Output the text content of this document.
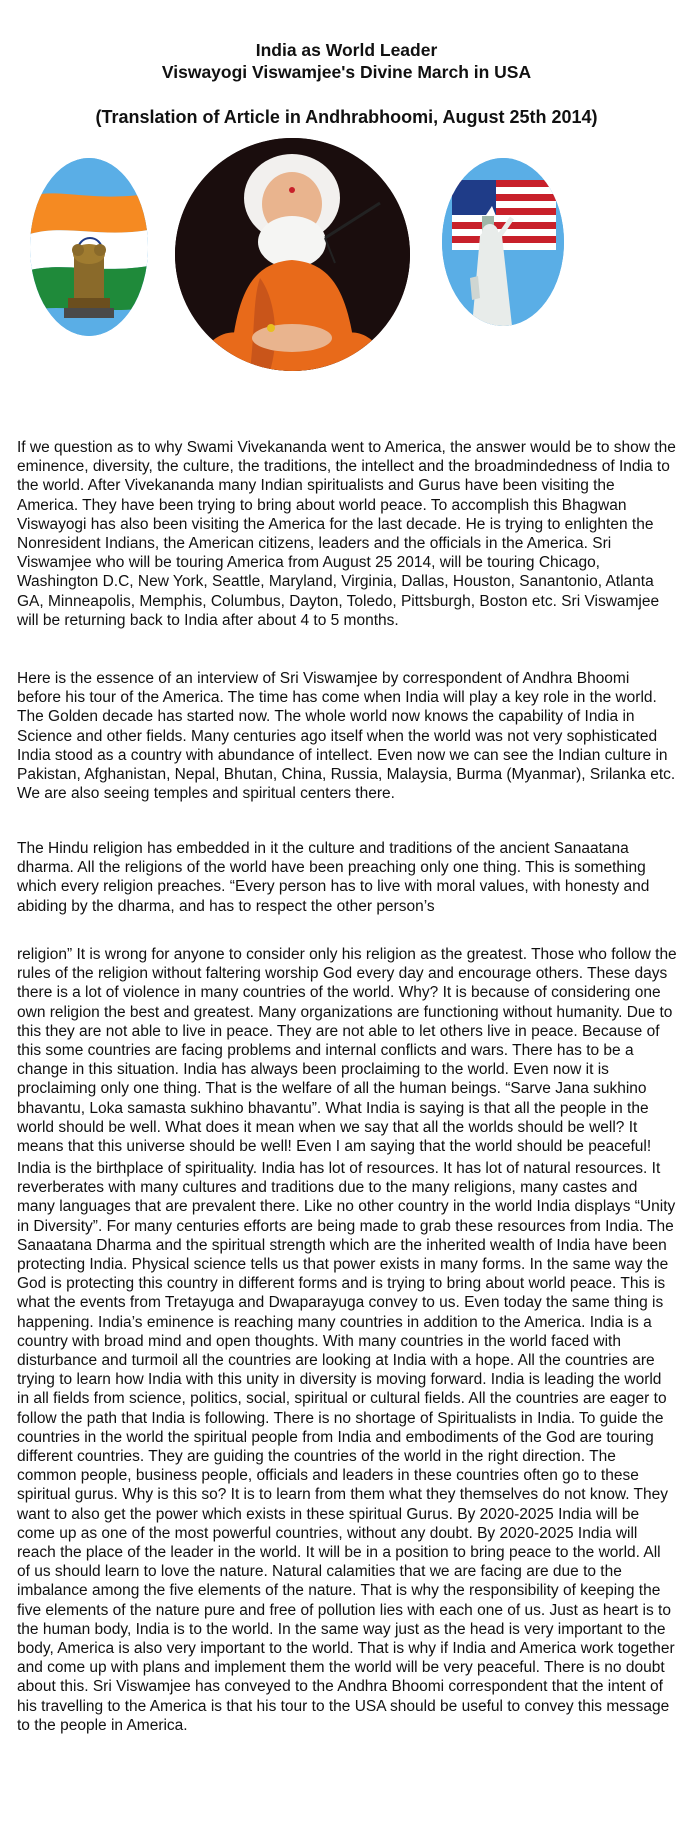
India as World Leader
Viswayogi Viswamjee's Divine March in USA
(Translation of Article in Andhrabhoomi, August 25th 2014)

If we question as to why Swami Vivekananda went to America, the answer would be to show the eminence, diversity, the culture, the traditions, the intellect and the broadmindedness of India to the world. After Vivekananda many Indian spiritualists and Gurus have been visiting the America. They have been trying to bring about world peace. To accomplish this Bhagwan Viswayogi has also been visiting the America for the last decade. He is trying to enlighten the Nonresident Indians, the American citizens, leaders and the officials in the America. Sri Viswamjee who will be touring America from August 25 2014, will be touring Chicago, Washington D.C, New York, Seattle, Maryland, Virginia, Dallas, Houston, Sanantonio, Atlanta GA, Minneapolis, Memphis, Columbus, Dayton, Toledo, Pittsburgh, Boston etc. Sri Viswamjee will be returning back to India after about 4 to 5 months.

Here is the essence of an interview of Sri Viswamjee by correspondent of Andhra Bhoomi before his tour of the America. The time has come when India will play a key role in the world. The Golden decade has started now. The whole world now knows the capability of India in Science and other fields. Many centuries ago itself when the world was not very sophisticated India stood as a country with abundance of intellect. Even now we can see the Indian culture in Pakistan, Afghanistan, Nepal, Bhutan, China, Russia, Malaysia, Burma (Myanmar), Srilanka etc. We are also seeing temples and spiritual centers there.

The Hindu religion has embedded in it the culture and traditions of the ancient Sanaatana dharma. All the religions of the world have been preaching only one thing. This is something which every religion preaches. “Every person has to live with moral values, with honesty and abiding by the dharma, and has to respect the other person’s

religion” It is wrong for anyone to consider only his religion as the greatest. Those who follow the rules of the religion without faltering worship God every day and encourage others. These days there is a lot of violence in many countries of the world. Why? It is because of considering one own religion the best and greatest. Many organizations are functioning without humanity. Due to this they are not able to live in peace. They are not able to let others live in peace. Because of this some countries are facing problems and internal conflicts and wars. There has to be a change in this situation. India has always been proclaiming to the world. Even now it is proclaiming only one thing. That is the welfare of all the human beings. “Sarve Jana sukhino bhavantu, Loka samasta sukhino bhavantu”. What India is saying is that all the people in the world should be well. What does it mean when we say that all the worlds should be well? It means that this universe should be well! Even I am saying that the world should be peaceful!

India is the birthplace of spirituality. India has lot of resources. It has lot of natural resources. It reverberates with many cultures and traditions due to the many religions, many castes and many languages that are prevalent there. Like no other country in the world India displays “Unity in Diversity”. For many centuries efforts are being made to grab these resources from India. The Sanaatana Dharma and the spiritual strength which are the inherited wealth of India have been protecting India. Physical science tells us that power exists in many forms. In the same way the God is protecting this country in different forms and is trying to bring about world peace. This is what the events from Tretayuga and Dwaparayuga convey to us. Even today the same thing is happening. India’s eminence is reaching many countries in addition to the America. India is a country with broad mind and open thoughts. With many countries in the world faced with disturbance and turmoil all the countries are looking at India with a hope. All the countries are trying to learn how India with this unity in diversity is moving forward. India is leading the world in all fields from science, politics, social, spiritual or cultural fields. All the countries are eager to follow the path that India is following. There is no shortage of Spiritualists in India. To guide the countries in the world the spiritual people from India and embodiments of the God are touring different countries. They are guiding the countries of the world in the right direction. The common people, business people, officials and leaders in these countries often go to these spiritual gurus. Why is this so? It is to learn from them what they themselves do not know. They want to also get the power which exists in these spiritual Gurus. By 2020-2025 India will be come up as one of the most powerful countries, without any doubt. By 2020-2025 India will reach the place of the leader in the world. It will be in a position to bring peace to the world. All of us should learn to love the nature. Natural calamities that we are facing are due to the imbalance among the five elements of the nature. That is why the responsibility of keeping the five elements of the nature pure and free of pollution lies with each one of us. Just as heart is to the human body, India is to the world. In the same way just as the head is very important to the body, America is also very important to the world. That is why if India and America work together and come up with plans and implement them the world will be very peaceful. There is no doubt about this. Sri Viswamjee has conveyed to the Andhra Bhoomi correspondent that the intent of his travelling to the America is that his tour to the USA should be useful to convey this message to the people in America.
